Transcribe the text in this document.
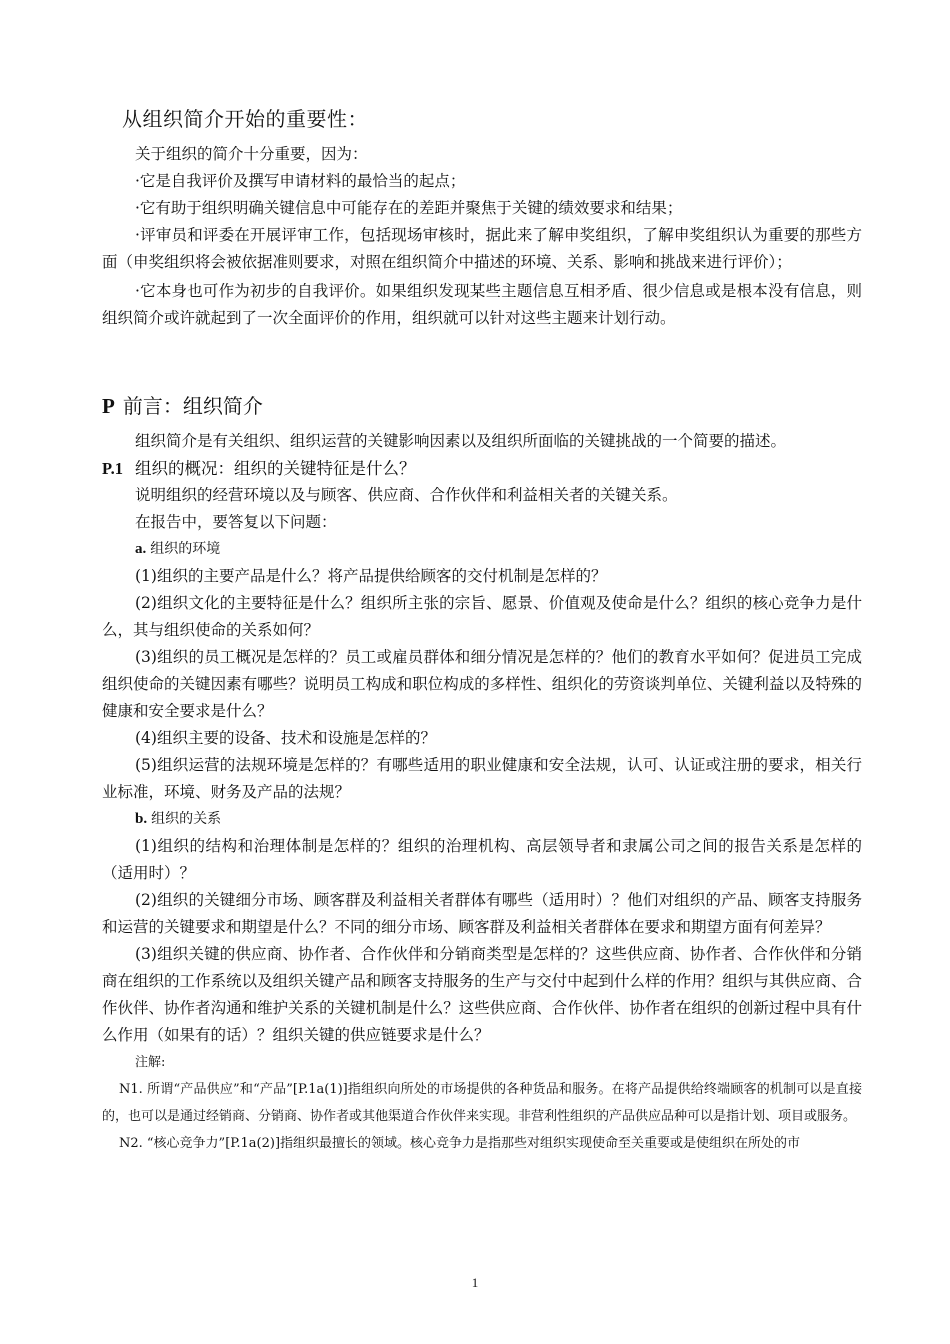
从组织简介开始的重要性：

关于组织的简介十分重要，因为：

·它是自我评价及撰写申请材料的最恰当的起点；

·它有助于组织明确关键信息中可能存在的差距并聚焦于关键的绩效要求和结果；

·评审员和评委在开展评审工作，包括现场审核时，据此来了解申奖组织，了解申奖组织认为重要的那些方面（申奖组织将会被依据准则要求，对照在组织简介中描述的环境、关系、影响和挑战来进行评价）；

·它本身也可作为初步的自我评价。如果组织发现某些主题信息互相矛盾、很少信息或是根本没有信息，则组织简介或许就起到了一次全面评价的作用，组织就可以针对这些主题来计划行动。

P 前言：组织简介

组织简介是有关组织、组织运营的关键影响因素以及组织所面临的关键挑战的一个简要的描述。

P.1 组织的概况：组织的关键特征是什么？

说明组织的经营环境以及与顾客、供应商、合作伙伴和利益相关者的关键关系。

在报告中，要答复以下问题：

a. 组织的环境

(1)组织的主要产品是什么？将产品提供给顾客的交付机制是怎样的？

(2)组织文化的主要特征是什么？组织所主张的宗旨、愿景、价值观及使命是什么？组织的核心竞争力是什么，其与组织使命的关系如何？

(3)组织的员工概况是怎样的？员工或雇员群体和细分情况是怎样的？他们的教育水平如何？促进员工完成组织使命的关键因素有哪些？说明员工构成和职位构成的多样性、组织化的劳资谈判单位、关键利益以及特殊的健康和安全要求是什么？

(4)组织主要的设备、技术和设施是怎样的？

(5)组织运营的法规环境是怎样的？有哪些适用的职业健康和安全法规，认可、认证或注册的要求，相关行业标准，环境、财务及产品的法规？

b. 组织的关系

(1)组织的结构和治理体制是怎样的？组织的治理机构、高层领导者和隶属公司之间的报告关系是怎样的（适用时）？

(2)组织的关键细分市场、顾客群及利益相关者群体有哪些（适用时）？他们对组织的产品、顾客支持服务和运营的关键要求和期望是什么？不同的细分市场、顾客群及利益相关者群体在要求和期望方面有何差异？

(3)组织关键的供应商、协作者、合作伙伴和分销商类型是怎样的？这些供应商、协作者、合作伙伴和分销商在组织的工作系统以及组织关键产品和顾客支持服务的生产与交付中起到什么样的作用？组织与其供应商、合作伙伴、协作者沟通和维护关系的关键机制是什么？这些供应商、合作伙伴、协作者在组织的创新过程中具有什么作用（如果有的话）？组织关键的供应链要求是什么？

注解:

N1. 所谓“产品供应”和“产品”[P.1a(1)]指组织向所处的市场提供的各种货品和服务。在将产品提供给终端顾客的机制可以是直接的，也可以是通过经销商、分销商、协作者或其他渠道合作伙伴来实现。非营利性组织的产品供应品种可以是指计划、项目或服务。

N2. “核心竞争力”[P.1a(2)]指组织最擅长的领域。核心竞争力是指那些对组织实现使命至关重要或是使组织在所处的市

1
